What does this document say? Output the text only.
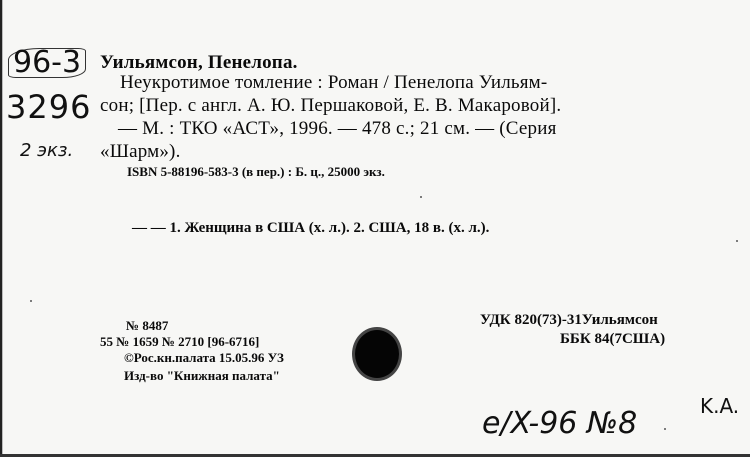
96-3
3296
2 экз.
e/X-96 №8	K.A.
Уильямсон, Пенелопа.
Неукротимое томление : Роман / Пенелопа Уильям-
сон; [Пер. с англ. А. Ю. Першаковой, Е. В. Макаровой].
— М. : ТКО «АСТ», 1996. — 478 с.; 21 см. — (Серия
«Шарм»).
ISBN 5-88196-583-3 (в пер.) : Б. ц., 25000 экз.
— — 1. Женщина в США (х. л.). 2. США, 18 в. (х. л.).
№ 8487
55 № 1659 № 2710 [96-6716]
©Рос.кн.палата 15.05.96 УЗ
Изд-во "Книжная палата"
УДК 820(73)-31Уильямсон
ББК 84(7США)
